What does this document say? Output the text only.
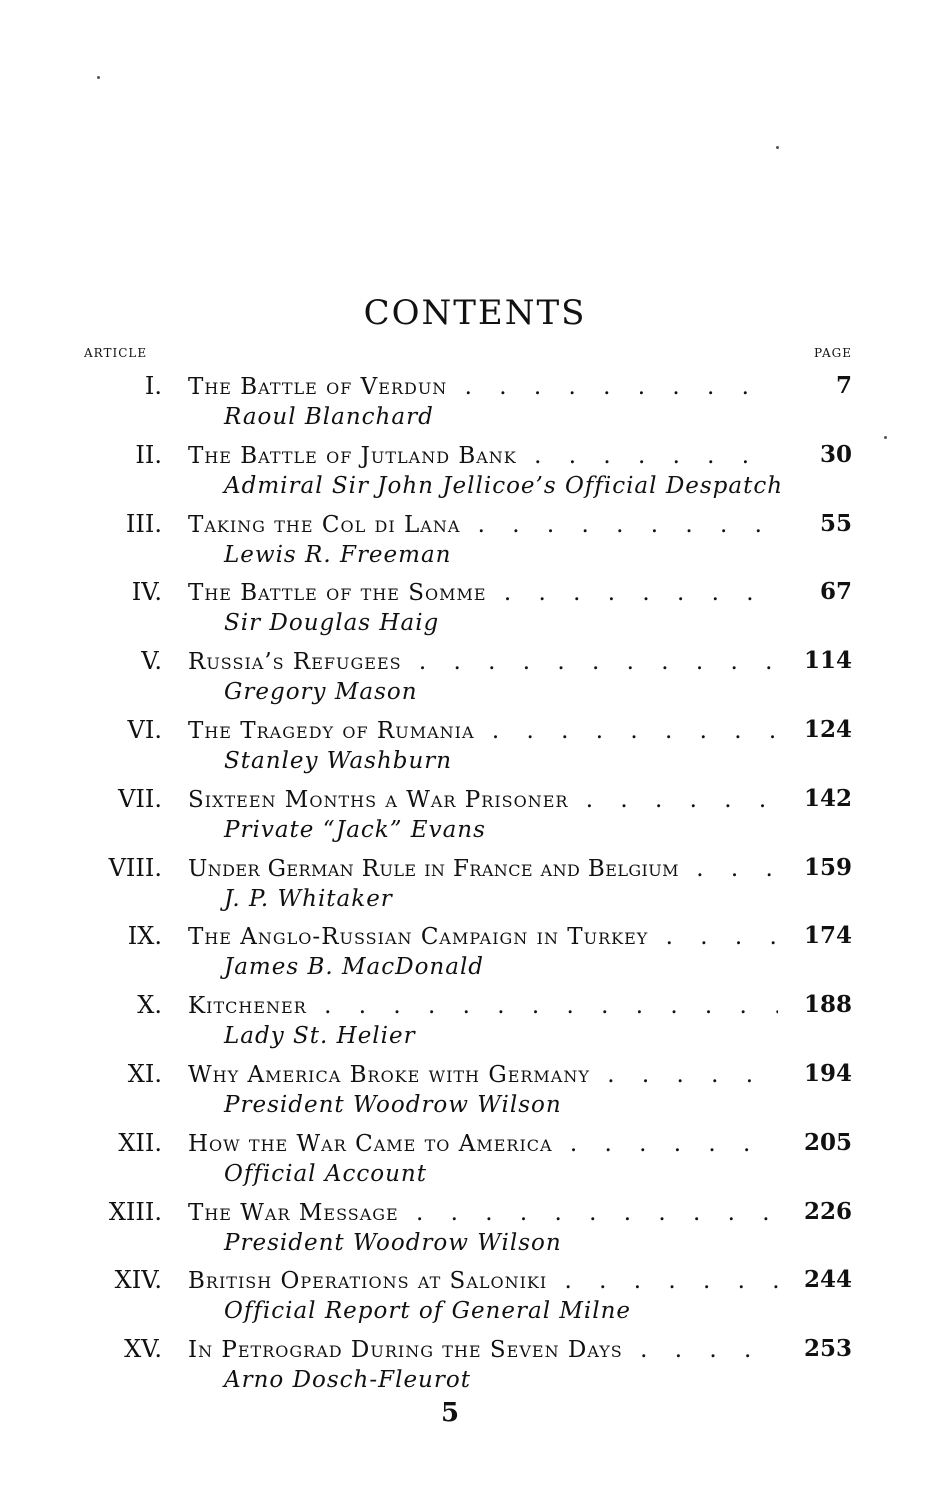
CONTENTS
ARTICLE	PAGE
I. The Battle of Verdun . . .	7
Raoul Blanchard
II. The Battle of Jutland Bank . . .	30
Admiral Sir John Jellicoe’s Official Despatch
III. Taking the Col di Lana . . .	55
Lewis R. Freeman
IV. The Battle of the Somme . . .	67
Sir Douglas Haig
V. Russia’s Refugees . . .	114
Gregory Mason
VI. The Tragedy of Rumania . . .	124
Stanley Washburn
VII. Sixteen Months a War Prisoner . . .	142
Private “Jack” Evans
VIII. Under German Rule in France and Belgium . . .	159
J. P. Whitaker
IX. The Anglo-Russian Campaign in Turkey . . .	174
James B. MacDonald
X. Kitchener . . .	188
Lady St. Helier
XI. Why America Broke with Germany . . .	194
President Woodrow Wilson
XII. How the War Came to America . . .	205
Official Account
XIII. The War Message . . .	226
President Woodrow Wilson
XIV. British Operations at Saloniki . . .	244
Official Report of General Milne
XV. In Petrograd During the Seven Days . . .	253
Arno Dosch-Fleurot
5
